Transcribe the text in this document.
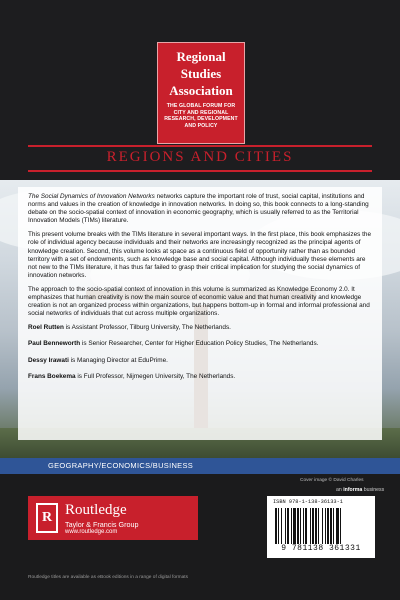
Regional
Studies
Association
THE GLOBAL FORUM FOR CITY AND REGIONAL RESEARCH, DEVELOPMENT AND POLICY
REGIONS AND CITIES

The Social Dynamics of Innovation Networks networks capture the important role of trust, social capital, institutions and norms and values in the creation of knowledge in innovation networks. In doing so, this book connects to a long-standing debate on the socio-spatial context of innovation in economic geography, which is usually referred to as the Territorial Innovation Models (TIMs) literature.

This present volume breaks with the TIMs literature in several important ways. In the first place, this book emphasizes the role of individual agency because individuals and their networks are increasingly recognized as the principal agents of knowledge creation. Second, this volume looks at space as a continuous field of opportunity rather than as bounded territory with a set of endowments, such as knowledge base and social capital. Although individually these elements are not new to the TIMs literature, it has thus far failed to grasp their critical implication for studying the social dynamics of innovation networks.

The approach to the socio-spatial context of innovation in this volume is summarized as Knowledge Economy 2.0. It emphasizes that human creativity is now the main source of economic value and that human creativity and knowledge creation is not an organized process within organizations, but happens bottom-up in formal and informal professional and social networks of individuals that cut across multiple organizations.

Roel Rutten is Assistant Professor, Tilburg University, The Netherlands.

Paul Benneworth is Senior Researcher, Center for Higher Education Policy Studies, The Netherlands.

Dessy Irawati is Managing Director at EduPrime.

Frans Boekema is Full Professor, Nijmegen University, The Netherlands.

GEOGRAPHY/ECONOMICS/BUSINESS
Cover image © David Charles
an informa business
R Routledge
Taylor & Francis Group
www.routledge.com
Routledge titles are available as eBook editions in a range of digital formats
ISBN 978-1-138-36133-1
9 781138 361331
